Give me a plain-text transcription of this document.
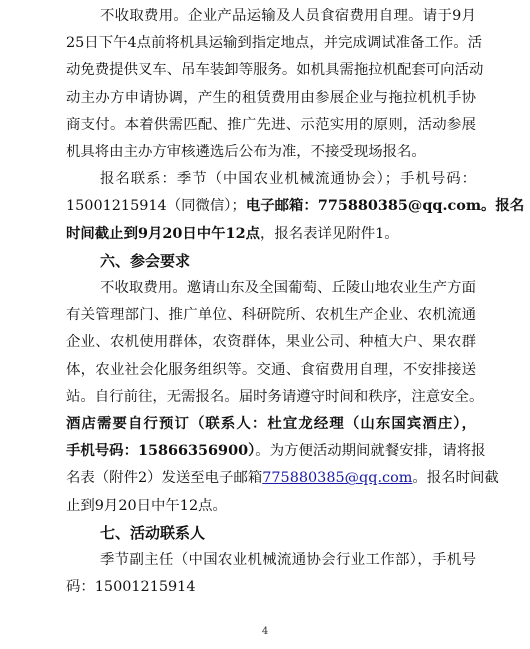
不收取费用。企业产品运输及人员食宿费用自理。请于9月
25日下午4点前将机具运输到指定地点，并完成调试准备工作。活
动免费提供叉车、吊车装卸等服务。如机具需拖拉机配套可向活动
动主办方申请协调，产生的租赁费用由参展企业与拖拉机机手协
商支付。本着供需匹配、推广先进、示范实用的原则，活动参展
机具将由主办方审核遴选后公布为准，不接受现场报名。
报名联系：季节（中国农业机械流通协会）；手机号码：
15001215914（同微信）；电子邮箱：775880385@qq.com。报名
时间截止到9月20日中午12点，报名表详见附件1。
六、参会要求
不收取费用。邀请山东及全国葡萄、丘陵山地农业生产方面
有关管理部门、推广单位、科研院所、农机生产企业、农机流通
企业、农机使用群体，农资群体，果业公司、种植大户、果农群
体，农业社会化服务组织等。交通、食宿费用自理，不安排接送
站。自行前往，无需报名。届时务请遵守时间和秩序，注意安全。
酒店需要自行预订（联系人：杜宜龙经理（山东国宾酒庄），
手机号码：15866356900）。为方便活动期间就餐安排，请将报
名表（附件2）发送至电子邮箱775880385@qq.com。报名时间截
止到9月20日中午12点。
七、活动联系人
季节副主任（中国农业机械流通协会行业工作部），手机号
码：15001215914
4
